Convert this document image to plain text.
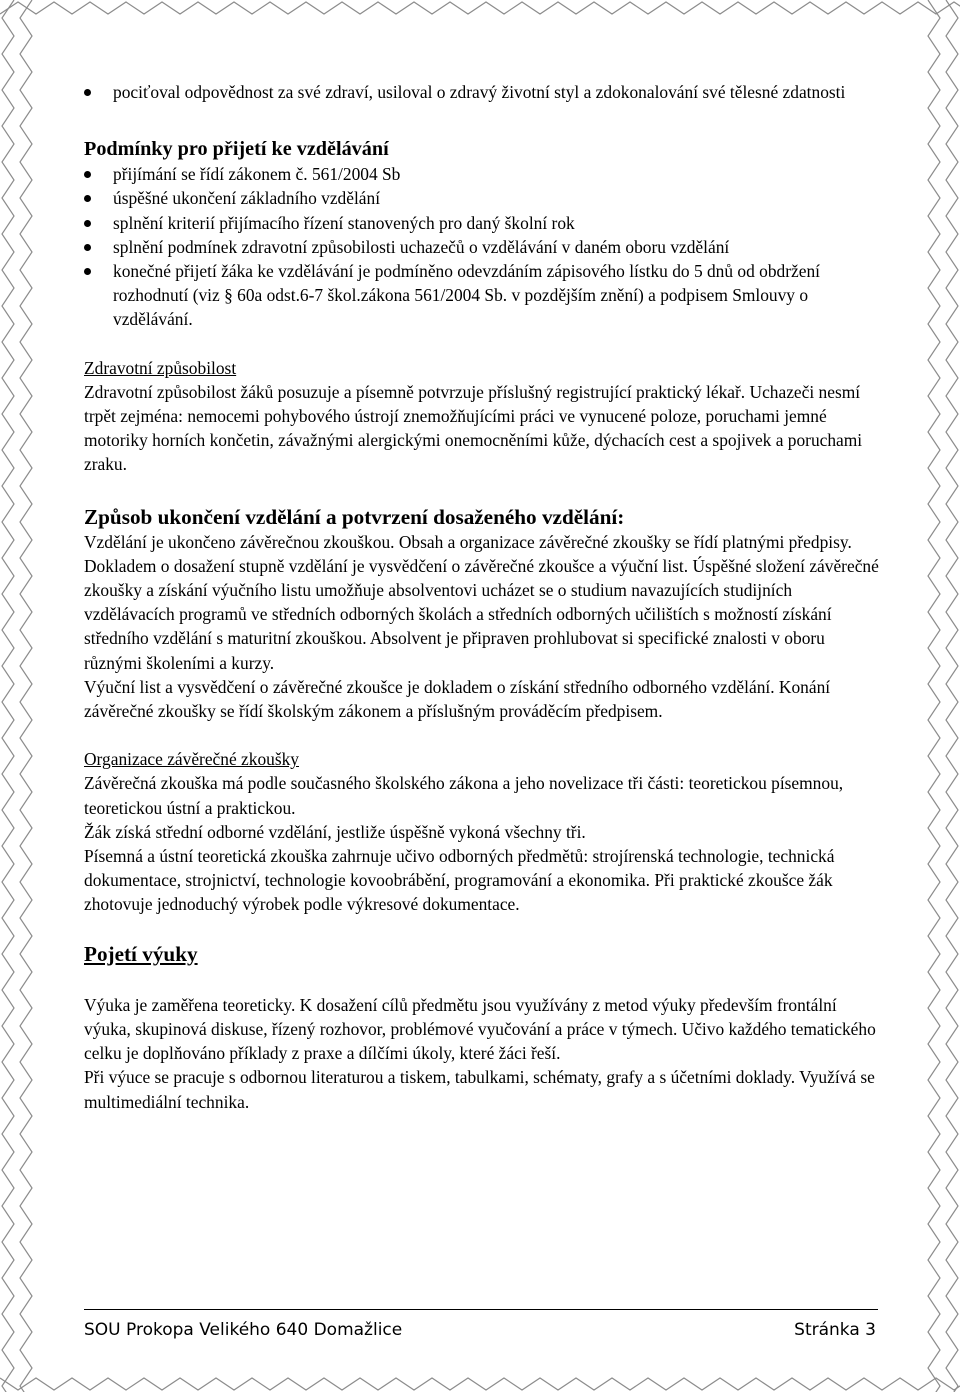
pociťoval odpovědnost za své zdraví, usiloval o zdravý životní styl a zdokonalování své tělesné zdatnosti
Podmínky pro přijetí ke vzdělávání
přijímání se řídí zákonem č. 561/2004 Sb
úspěšné ukončení základního vzdělání
splnění kriterií přijímacího řízení stanovených pro daný školní rok
splnění podmínek zdravotní způsobilosti uchazečů o vzdělávání v daném oboru vzdělání
konečné přijetí žáka ke vzdělávání je podmíněno odevzdáním zápisového lístku do 5 dnů od obdržení rozhodnutí (viz § 60a odst.6-7 škol.zákona 561/2004 Sb. v pozdějším znění) a podpisem Smlouvy o vzdělávání.

Zdravotní způsobilost

Zdravotní způsobilost žáků posuzuje a písemně potvrzuje příslušný registrující praktický lékař. Uchazeči nesmí trpět zejména: nemocemi pohybového ústrojí znemožňujícími práci ve vynucené poloze, poruchami jemné motoriky horních končetin, závažnými alergickými onemocněními kůže, dýchacích cest a spojivek a poruchami zraku.

Způsob ukončení vzdělání a potvrzení dosaženého vzdělání:

Vzdělání je ukončeno závěrečnou zkouškou. Obsah a organizace závěrečné zkoušky se řídí platnými předpisy. Dokladem o dosažení stupně vzdělání je vysvědčení o závěrečné zkoušce a výuční list. Úspěšné složení závěrečné zkoušky a získání výučního listu umožňuje absolventovi ucházet se o studium navazujících studijních vzdělávacích programů ve středních odborných školách a středních odborných učilištích s možností získání středního vzdělání s maturitní zkouškou. Absolvent je připraven prohlubovat si specifické znalosti v oboru různými školeními a kurzy.

Výuční list a vysvědčení o závěrečné zkoušce je dokladem o získání středního odborného vzdělání. Konání závěrečné zkoušky se řídí školským zákonem a příslušným prováděcím předpisem.

Organizace závěrečné zkoušky

Závěrečná zkouška má podle současného školského zákona a jeho novelizace tři části: teoretickou písemnou, teoretickou ústní a praktickou.

Žák získá střední odborné vzdělání, jestliže úspěšně vykoná všechny tři.

Písemná a ústní teoretická zkouška zahrnuje učivo odborných předmětů: strojírenská technologie, technická dokumentace, strojnictví, technologie kovoobrábění, programování a ekonomika. Při praktické zkoušce žák zhotovuje jednoduchý výrobek podle výkresové dokumentace.

Pojetí výuky

Výuka je zaměřena teoreticky. K dosažení cílů předmětu jsou využívány z metod výuky především frontální výuka, skupinová diskuse, řízený rozhovor, problémové vyučování a práce v týmech. Učivo každého tematického celku je doplňováno příklady z praxe a dílčími úkoly, které žáci řeší.

Při výuce se pracuje s odbornou literaturou a tiskem, tabulkami, schématy, grafy a s účetními doklady. Využívá se multimediální technika.

SOU Prokopa Velikého 640 Domažlice	Stránka 3
